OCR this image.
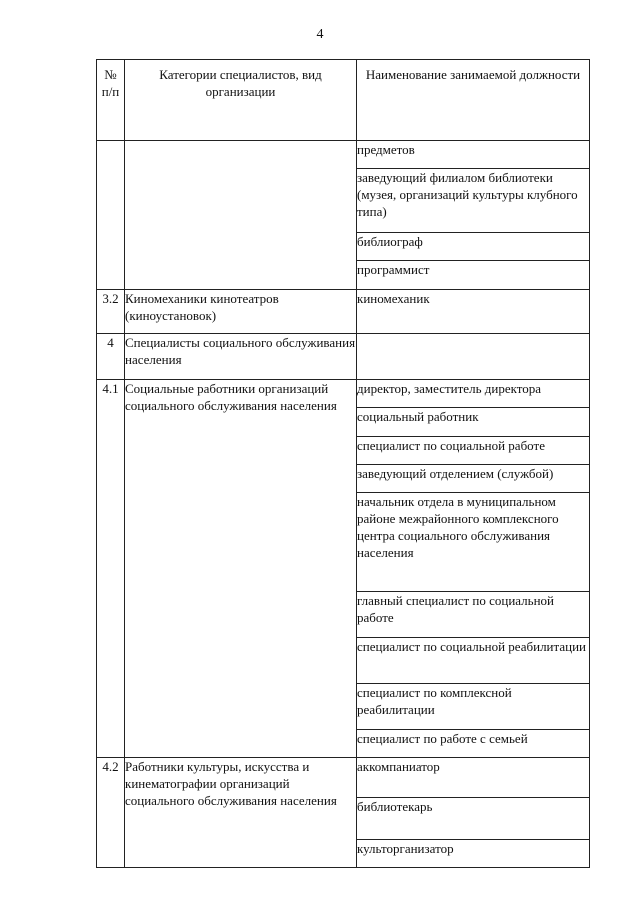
4
№ п/п	Категории специалистов, вид организации	Наименование занимаемой должности
		предметов
		заведующий филиалом библиотеки (музея, организаций культуры клубного типа)
		библиограф
		программист
3.2	Киномеханики кинотеатров (киноустановок)	киномеханик
4	Специалисты социального обслуживания населения	
4.1	Социальные работники организаций социального обслуживания населения	директор, заместитель директора
		социальный работник
		специалист по социальной работе
		заведующий отделением (службой)
		начальник отдела в муниципальном районе межрайонного комплексного центра социального обслуживания населения
		главный специалист по социальной работе
		специалист по социальной реабилитации
		специалист по комплексной реабилитации
		специалист по работе с семьей
4.2	Работники культуры, искусства и кинематографии организаций социального обслуживания населения	аккомпаниатор
		библиотекарь
		культорганизатор
